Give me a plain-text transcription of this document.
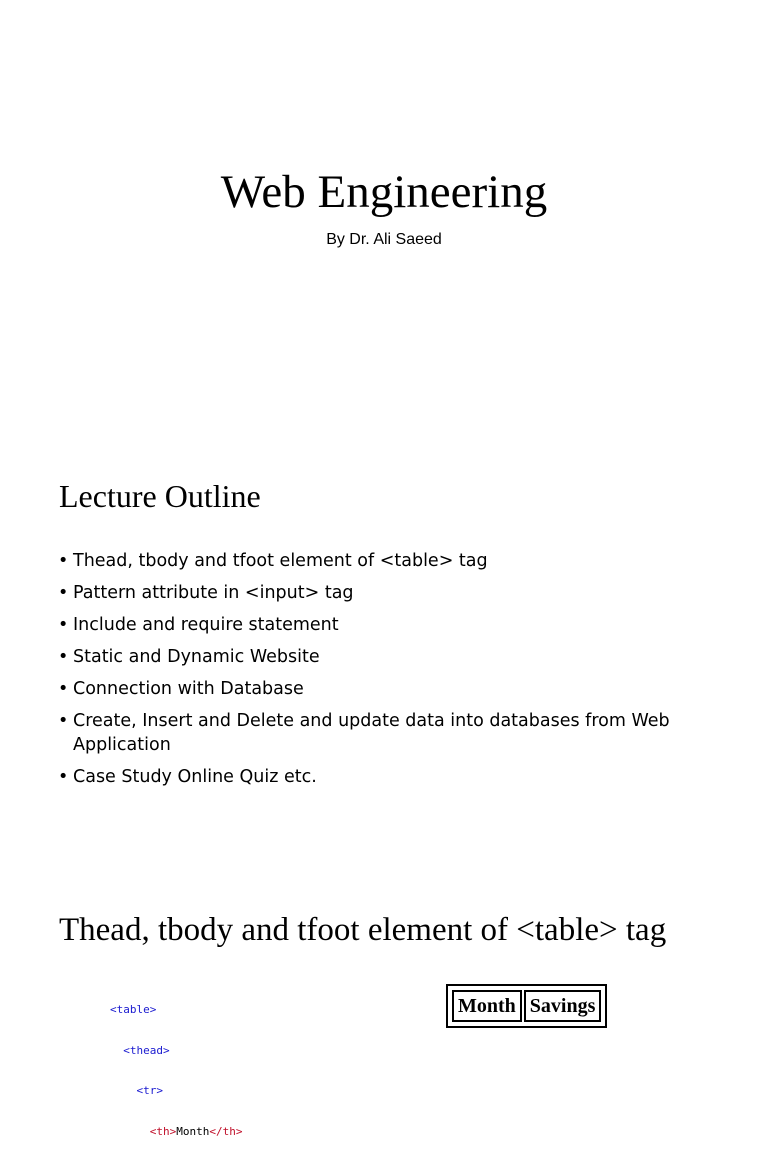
Web Engineering
By Dr. Ali Saeed
Lecture Outline
• Thead, tbody and tfoot element of <table> tag
• Pattern attribute in <input> tag
• Include and require statement
• Static and Dynamic Website
• Connection with Database
• Create, Insert and Delete and update data into databases from Web Application
• Case Study Online Quiz etc.
Thead, tbody and tfoot element of <table> tag

<table>

<thead>

<tr>

<th>Month</th>

Month	Savings
